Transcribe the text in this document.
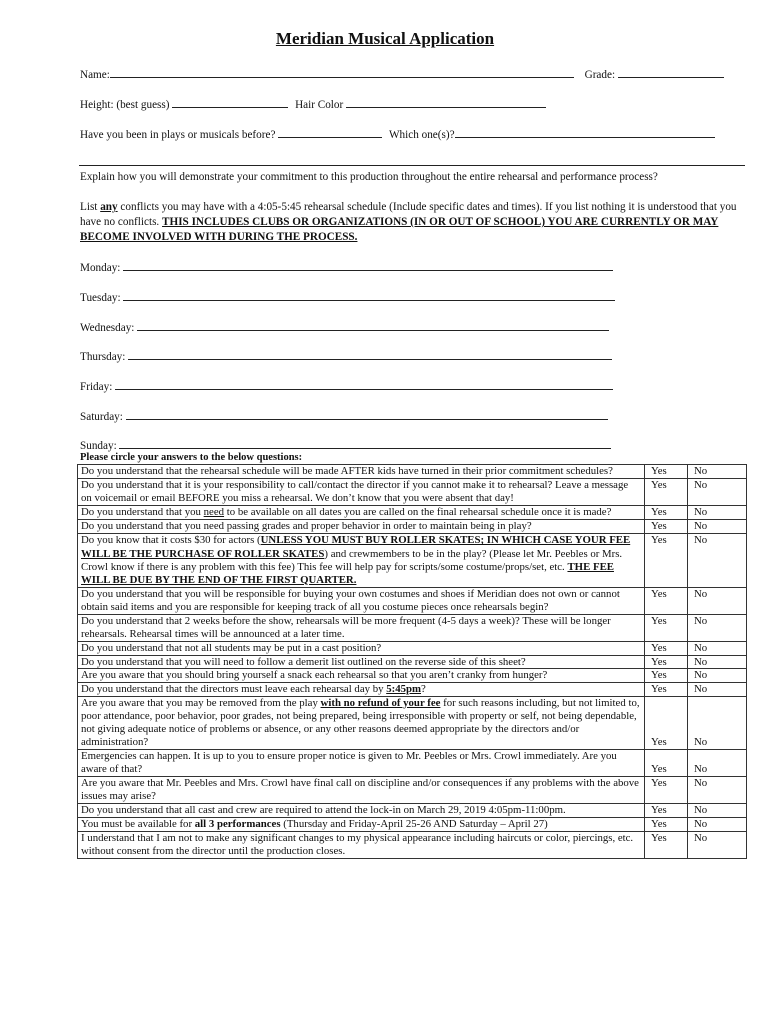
Meridian Musical Application
Name:	Grade:
Height: (best guess)	Hair Color
Have you been in plays or musicals before?	Which one(s)?
Explain how you will demonstrate your commitment to this production throughout the entire rehearsal and performance process?
List any conflicts you may have with a 4:05-5:45 rehearsal schedule (Include specific dates and times). If you list nothing it is understood that you have no conflicts. THIS INCLUDES CLUBS OR ORGANIZATIONS (IN OR OUT OF SCHOOL) YOU ARE CURRENTLY OR MAY BECOME INVOLVED WITH DURING THE PROCESS.
Monday:
Tuesday:
Wednesday:
Thursday:
Friday:
Saturday:
Sunday:
Please circle your answers to the below questions:
Do you understand that the rehearsal schedule will be made AFTER kids have turned in their prior commitment schedules?	Yes	No
Do you understand that it is your responsibility to call/contact the director if you cannot make it to rehearsal? Leave a message on voicemail or email BEFORE you miss a rehearsal. We don’t know that you were absent that day!	Yes	No
Do you understand that you need to be available on all dates you are called on the final rehearsal schedule once it is made?	Yes	No
Do you understand that you need passing grades and proper behavior in order to maintain being in play?	Yes	No
Do you know that it costs $30 for actors (UNLESS YOU MUST BUY ROLLER SKATES; IN WHICH CASE YOUR FEE WILL BE THE PURCHASE OF ROLLER SKATES) and crewmembers to be in the play? (Please let Mr. Peebles or Mrs. Crowl know if there is any problem with this fee) This fee will help pay for scripts/some costume/props/set, etc. THE FEE WILL BE DUE BY THE END OF THE FIRST QUARTER.	Yes	No
Do you understand that you will be responsible for buying your own costumes and shoes if Meridian does not own or cannot obtain said items and you are responsible for keeping track of all you costume pieces once rehearsals begin?	Yes	No
Do you understand that 2 weeks before the show, rehearsals will be more frequent (4-5 days a week)? These will be longer rehearsals. Rehearsal times will be announced at a later time.	Yes	No
Do you understand that not all students may be put in a cast position?	Yes	No
Do you understand that you will need to follow a demerit list outlined on the reverse side of this sheet?	Yes	No
Are you aware that you should bring yourself a snack each rehearsal so that you aren’t cranky from hunger?	Yes	No
Do you understand that the directors must leave each rehearsal day by 5:45pm?	Yes	No
Are you aware that you may be removed from the play with no refund of your fee for such reasons including, but not limited to, poor attendance, poor behavior, poor grades, not being prepared, being irresponsible with property or self, not being dependable, not giving adequate notice of problems or absence, or any other reasons deemed appropriate by the directors and/or administration?	Yes	No
Emergencies can happen. It is up to you to ensure proper notice is given to Mr. Peebles or Mrs. Crowl immediately. Are you aware of that?	Yes	No
Are you aware that Mr. Peebles and Mrs. Crowl have final call on discipline and/or consequences if any problems with the above issues may arise?	Yes	No
Do you understand that all cast and crew are required to attend the lock-in on March 29, 2019 4:05pm-11:00pm.	Yes	No
You must be available for all 3 performances (Thursday and Friday-April 25-26 AND Saturday – April 27)	Yes	No
I understand that I am not to make any significant changes to my physical appearance including haircuts or color, piercings, etc. without consent from the director until the production closes.	Yes	No
